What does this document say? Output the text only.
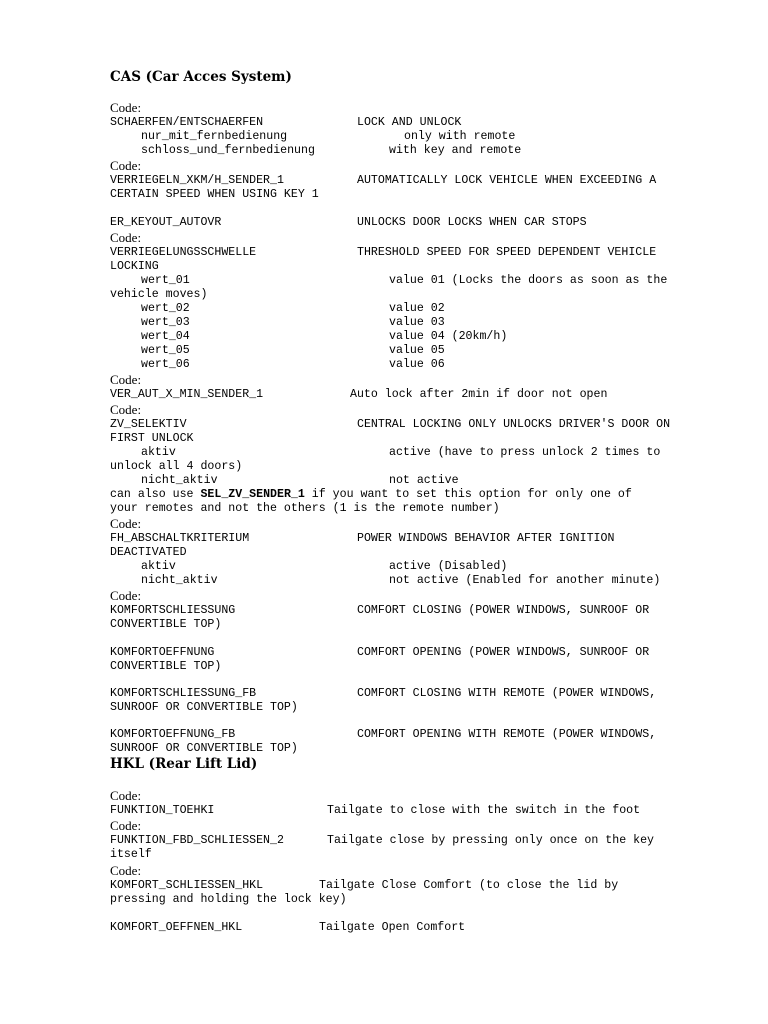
CAS (Car Acces System)
Code:
SCHAERFEN/ENTSCHAERFEN	LOCK AND UNLOCK
nur_mit_fernbedienung	only with remote
schloss_und_fernbedienung	with key and remote
Code:
VERRIEGELN_XKM/H_SENDER_1	AUTOMATICALLY LOCK VEHICLE WHEN EXCEEDING A
CERTAIN SPEED WHEN USING KEY 1
ER_KEYOUT_AUTOVR	UNLOCKS DOOR LOCKS WHEN CAR STOPS
Code:
VERRIEGELUNGSSCHWELLE	THRESHOLD SPEED FOR SPEED DEPENDENT VEHICLE
LOCKING
wert_01	value 01 (Locks the doors as soon as the
vehicle moves)
wert_02	value 02
wert_03	value 03
wert_04	value 04 (20km/h)
wert_05	value 05
wert_06	value 06
Code:
VER_AUT_X_MIN_SENDER_1	Auto lock after 2min if door not open
Code:
ZV_SELEKTIV	CENTRAL LOCKING ONLY UNLOCKS DRIVER'S DOOR ON
FIRST UNLOCK
aktiv	active (have to press unlock 2 times to
unlock all 4 doors)
nicht_aktiv	not active
can also use SEL_ZV_SENDER_1 if you want to set this option for only one of
your remotes and not the others (1 is the remote number)
Code:
FH_ABSCHALTKRITERIUM	POWER WINDOWS BEHAVIOR AFTER IGNITION
DEACTIVATED
aktiv	active (Disabled)
nicht_aktiv	not active (Enabled for another minute)
Code:
KOMFORTSCHLIESSUNG	COMFORT CLOSING (POWER WINDOWS, SUNROOF OR
CONVERTIBLE TOP)
KOMFORTOEFFNUNG	COMFORT OPENING (POWER WINDOWS, SUNROOF OR
CONVERTIBLE TOP)
KOMFORTSCHLIESSUNG_FB	COMFORT CLOSING WITH REMOTE (POWER WINDOWS,
SUNROOF OR CONVERTIBLE TOP)
KOMFORTOEFFNUNG_FB	COMFORT OPENING WITH REMOTE (POWER WINDOWS,
SUNROOF OR CONVERTIBLE TOP)
HKL (Rear Lift Lid)
Code:
FUNKTION_TOEHKI	Tailgate to close with the switch in the foot
Code:
FUNKTION_FBD_SCHLIESSEN_2	Tailgate close by pressing only once on the key
itself
Code:
KOMFORT_SCHLIESSEN_HKL	Tailgate Close Comfort (to close the lid by
pressing and holding the lock key)
KOMFORT_OEFFNEN_HKL	Tailgate Open Comfort
